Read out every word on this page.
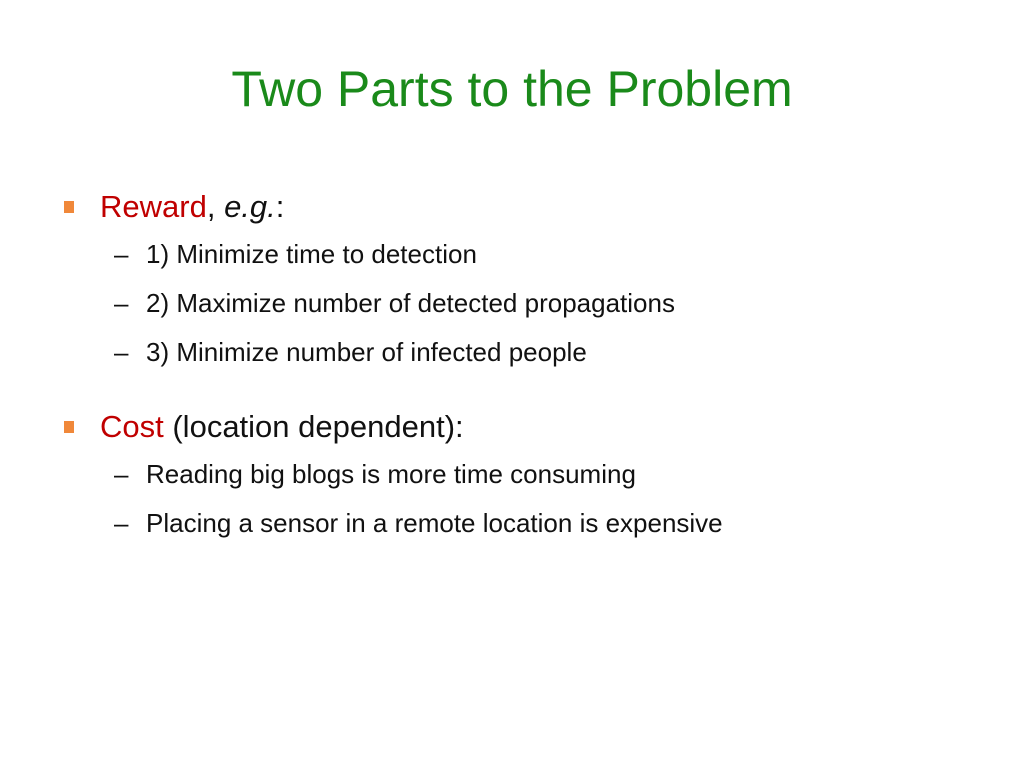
Two Parts to the Problem
Reward, e.g.:
– 1) Minimize time to detection
– 2) Maximize number of detected propagations
– 3) Minimize number of infected people
Cost (location dependent):
– Reading big blogs is more time consuming
– Placing a sensor in a remote location is expensive
